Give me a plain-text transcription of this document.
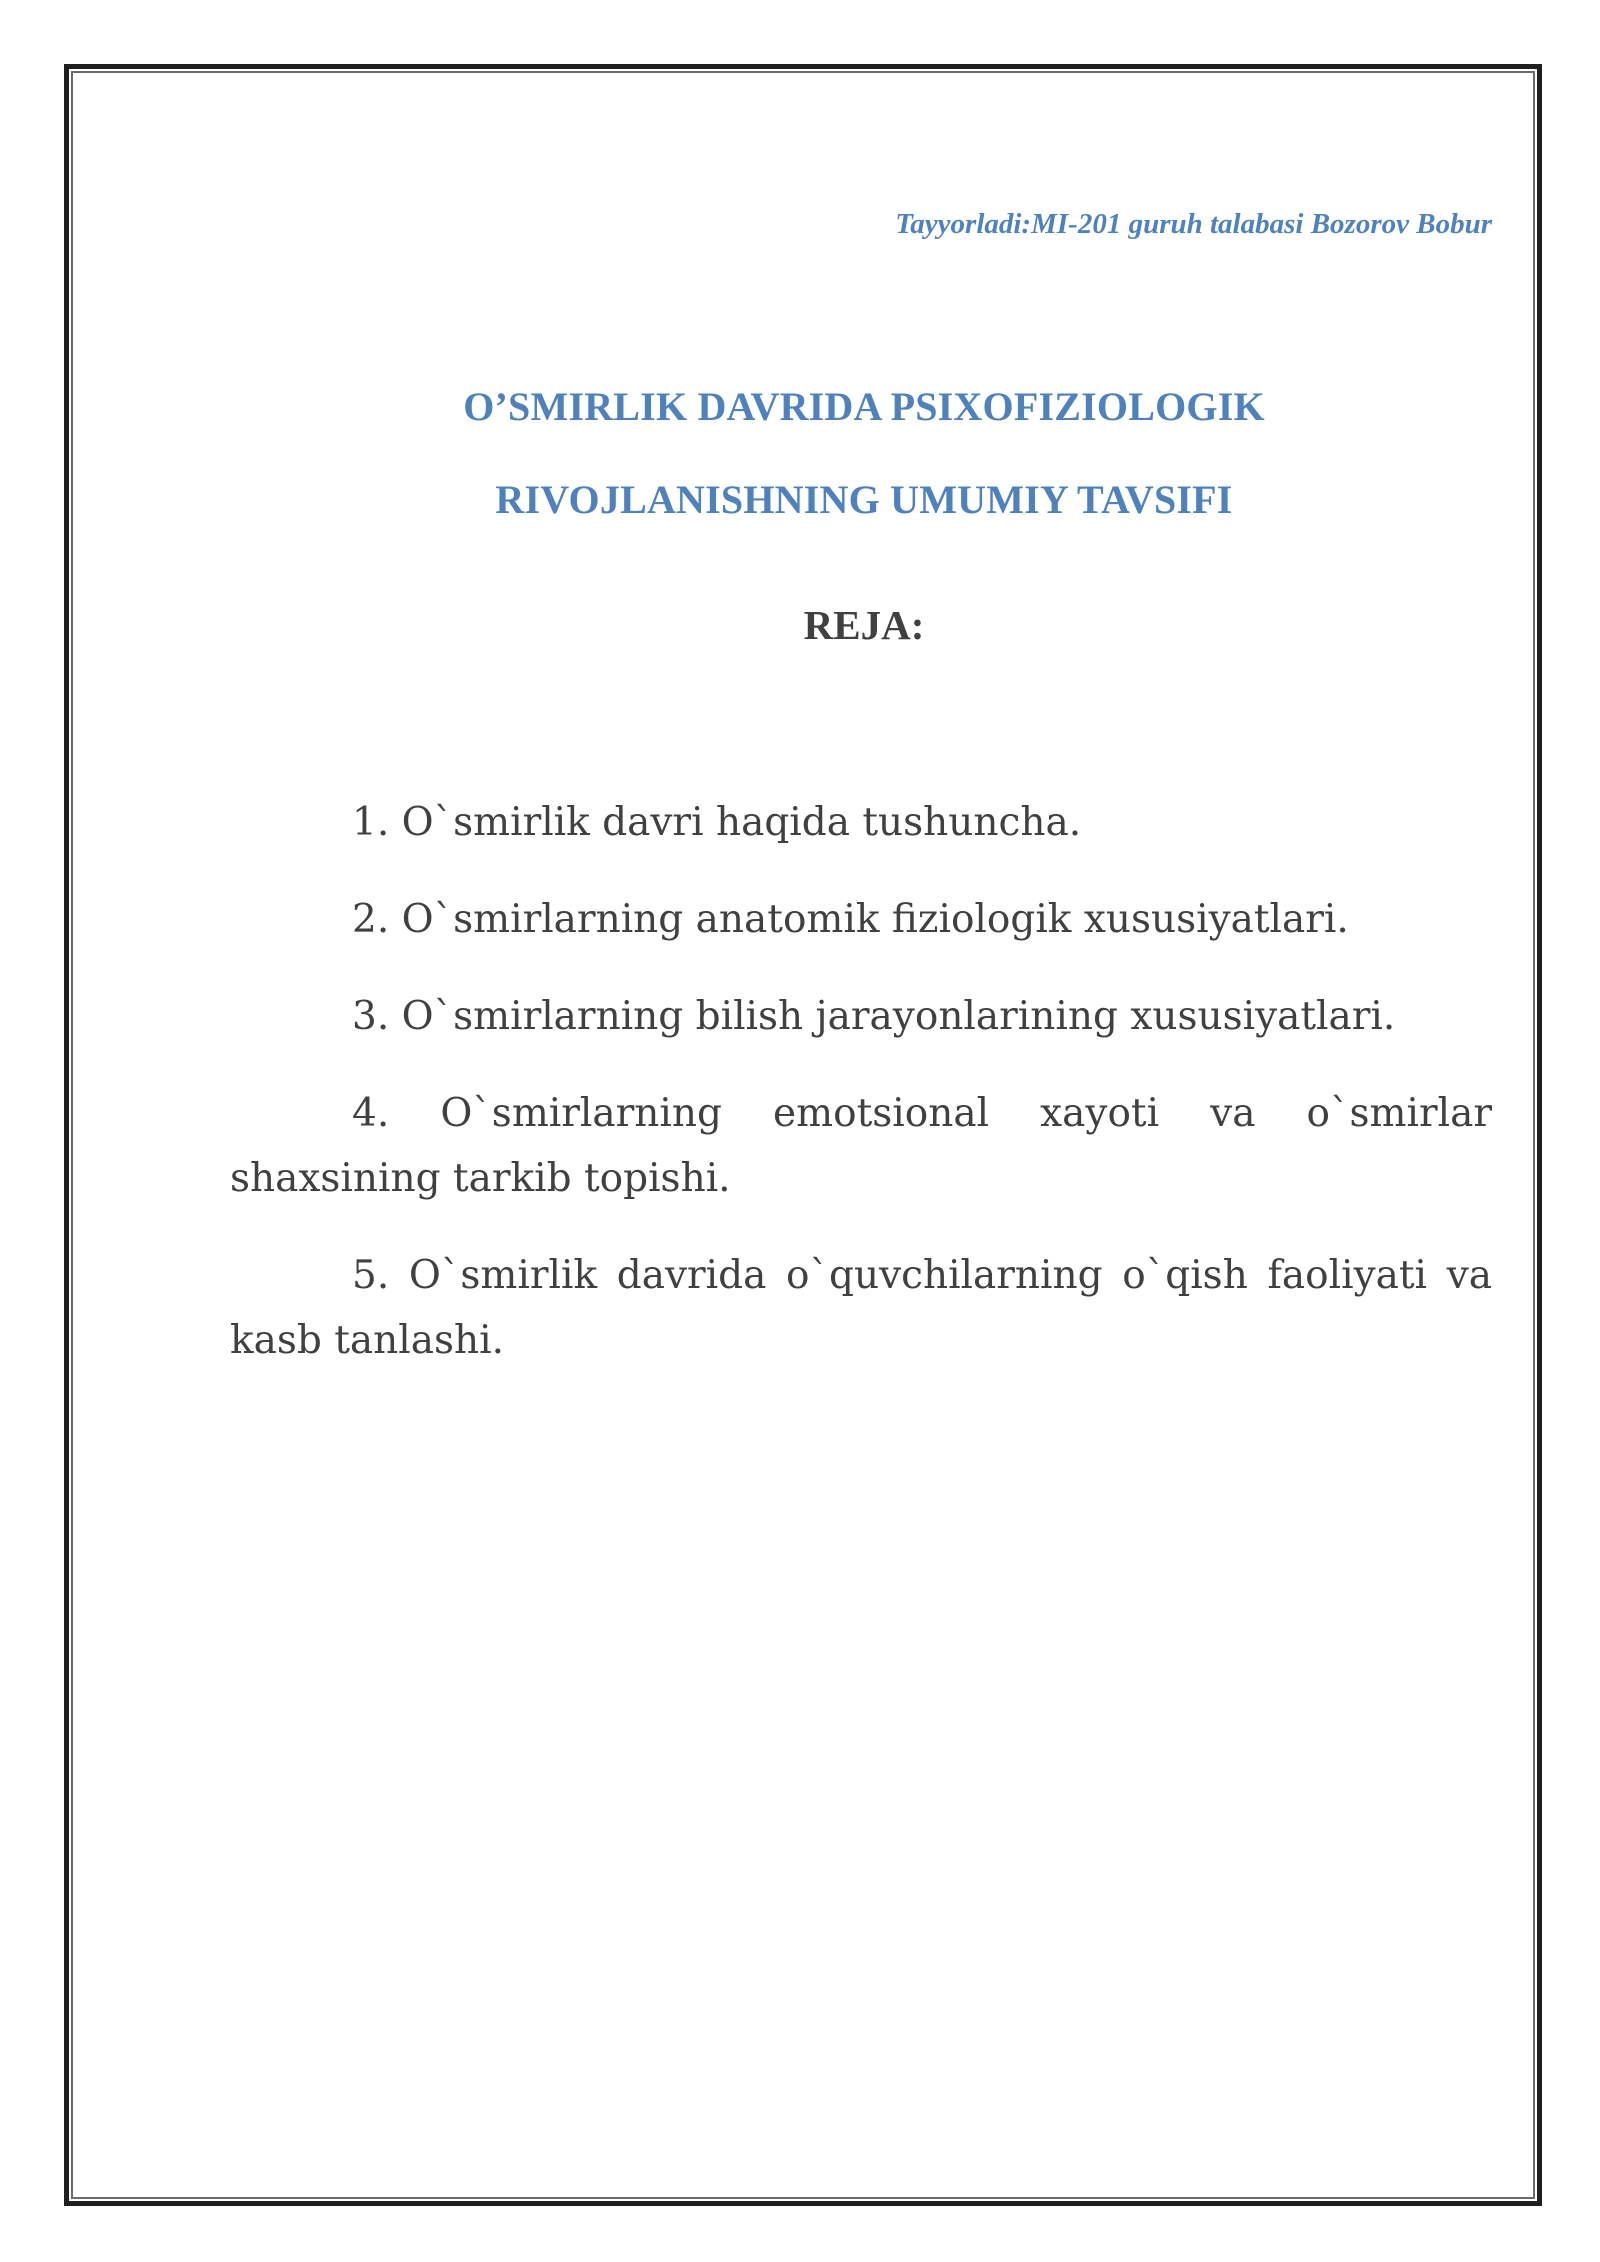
Tayyorladi:MI-201 guruh talabasi Bozorov Bobur
O’SMIRLIK DAVRIDA PSIXOFIZIOLOGIK
RIVOJLANISHNING UMUMIY TAVSIFI
REJA:

1. O`smirlik davri haqida tushuncha.

2. O`smirlarning anatomik fiziologik xususiyatlari.

3. O`smirlarning bilish jarayonlarining xususiyatlari.

4. O`smirlarning emotsional xayoti va o`smirlar shaxsining tarkib topishi.

5. O`smirlik davrida o`quvchilarning o`qish faoliyati va kasb tanlashi.
